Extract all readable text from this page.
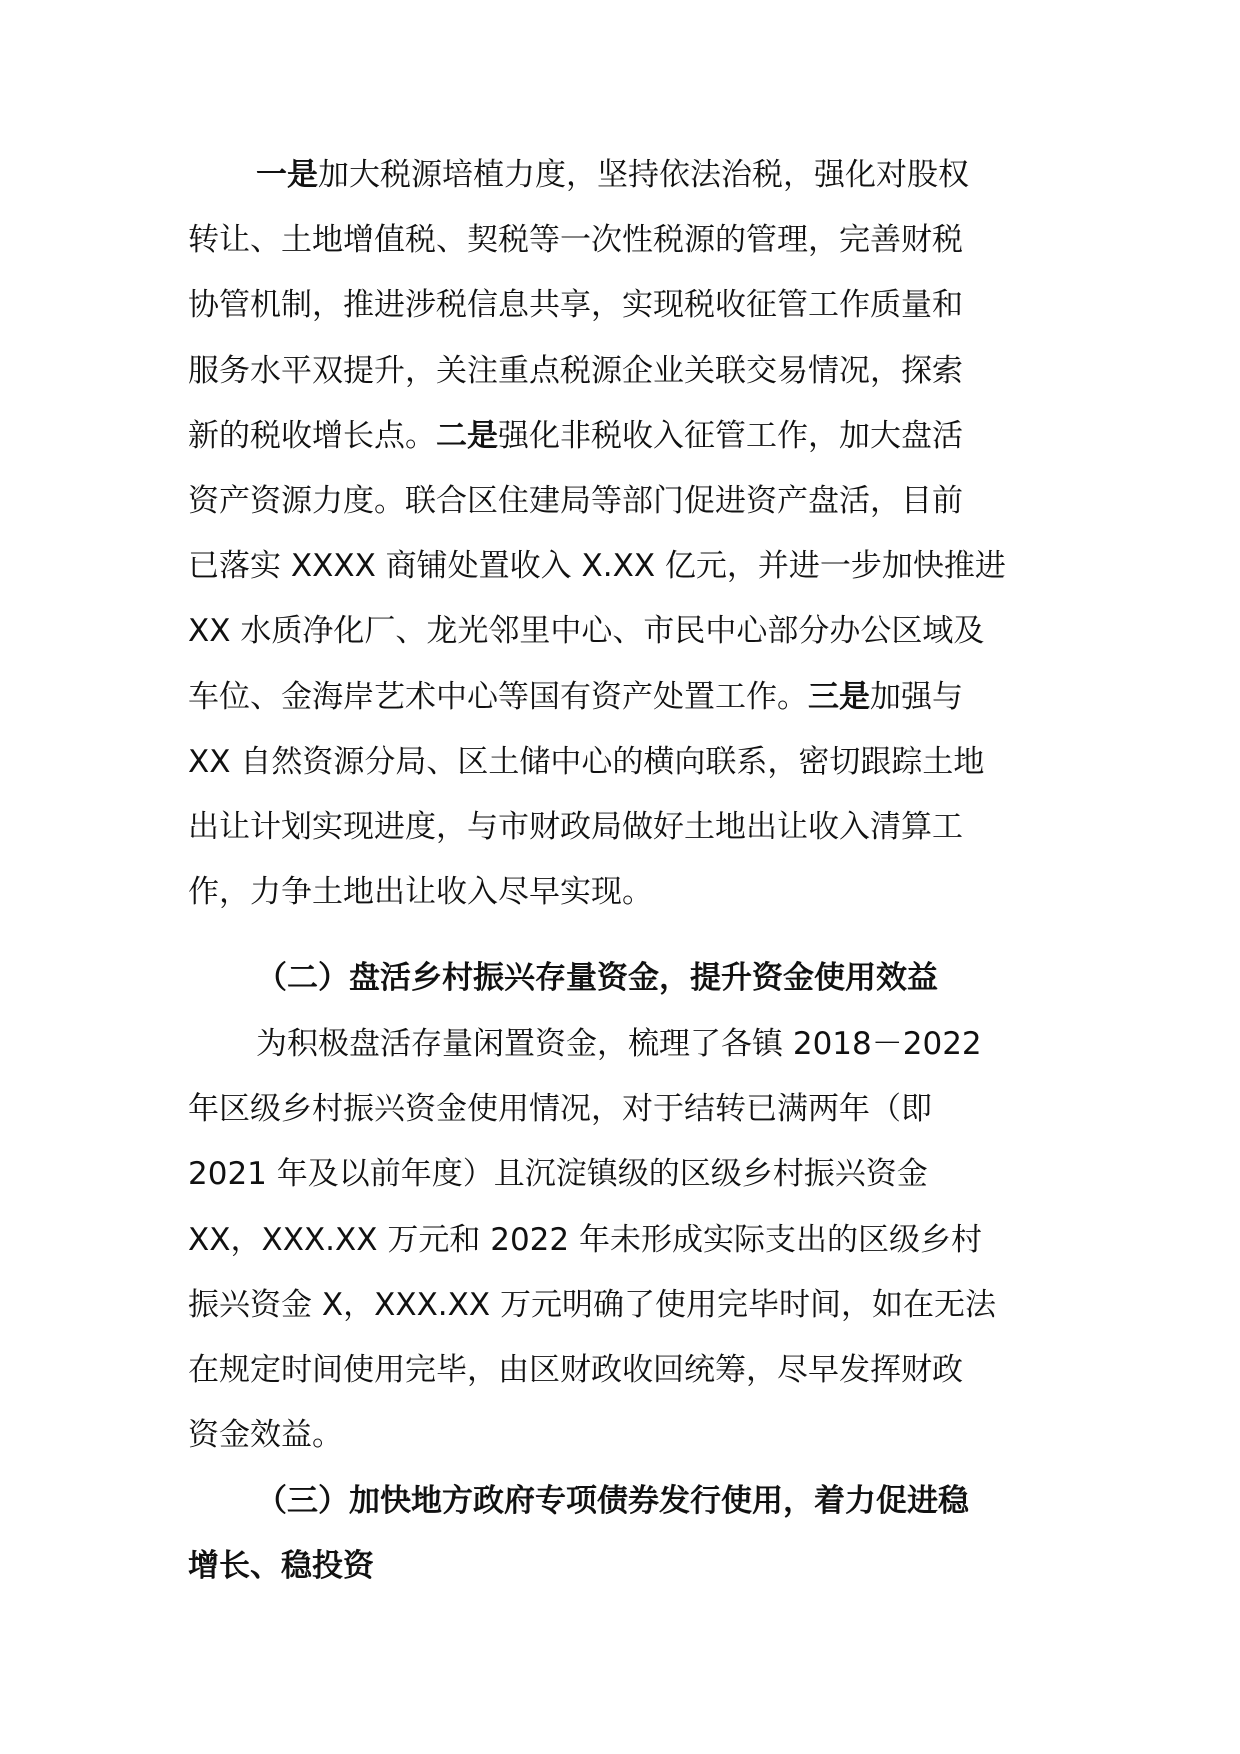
一是加大税源培植力度，坚持依法治税，强化对股权
转让、土地增值税、契税等一次性税源的管理，完善财税
协管机制，推进涉税信息共享，实现税收征管工作质量和
服务水平双提升，关注重点税源企业关联交易情况，探索
新的税收增长点。二是强化非税收入征管工作，加大盘活
资产资源力度。联合区住建局等部门促进资产盘活，目前
已落实 XXXX 商铺处置收入 X.XX 亿元，并进一步加快推进
XX 水质净化厂、龙光邻里中心、市民中心部分办公区域及
车位、金海岸艺术中心等国有资产处置工作。三是加强与
XX 自然资源分局、区土储中心的横向联系，密切跟踪土地
出让计划实现进度，与市财政局做好土地出让收入清算工
作，力争土地出让收入尽早实现。
（二）盘活乡村振兴存量资金，提升资金使用效益
为积极盘活存量闲置资金，梳理了各镇 2018－2022
年区级乡村振兴资金使用情况，对于结转已满两年（即
2021 年及以前年度）且沉淀镇级的区级乡村振兴资金
XX，XXX.XX 万元和 2022 年未形成实际支出的区级乡村
振兴资金 X，XXX.XX 万元明确了使用完毕时间，如在无法
在规定时间使用完毕，由区财政收回统筹，尽早发挥财政
资金效益。
（三）加快地方政府专项债券发行使用，着力促进稳
增长、稳投资
